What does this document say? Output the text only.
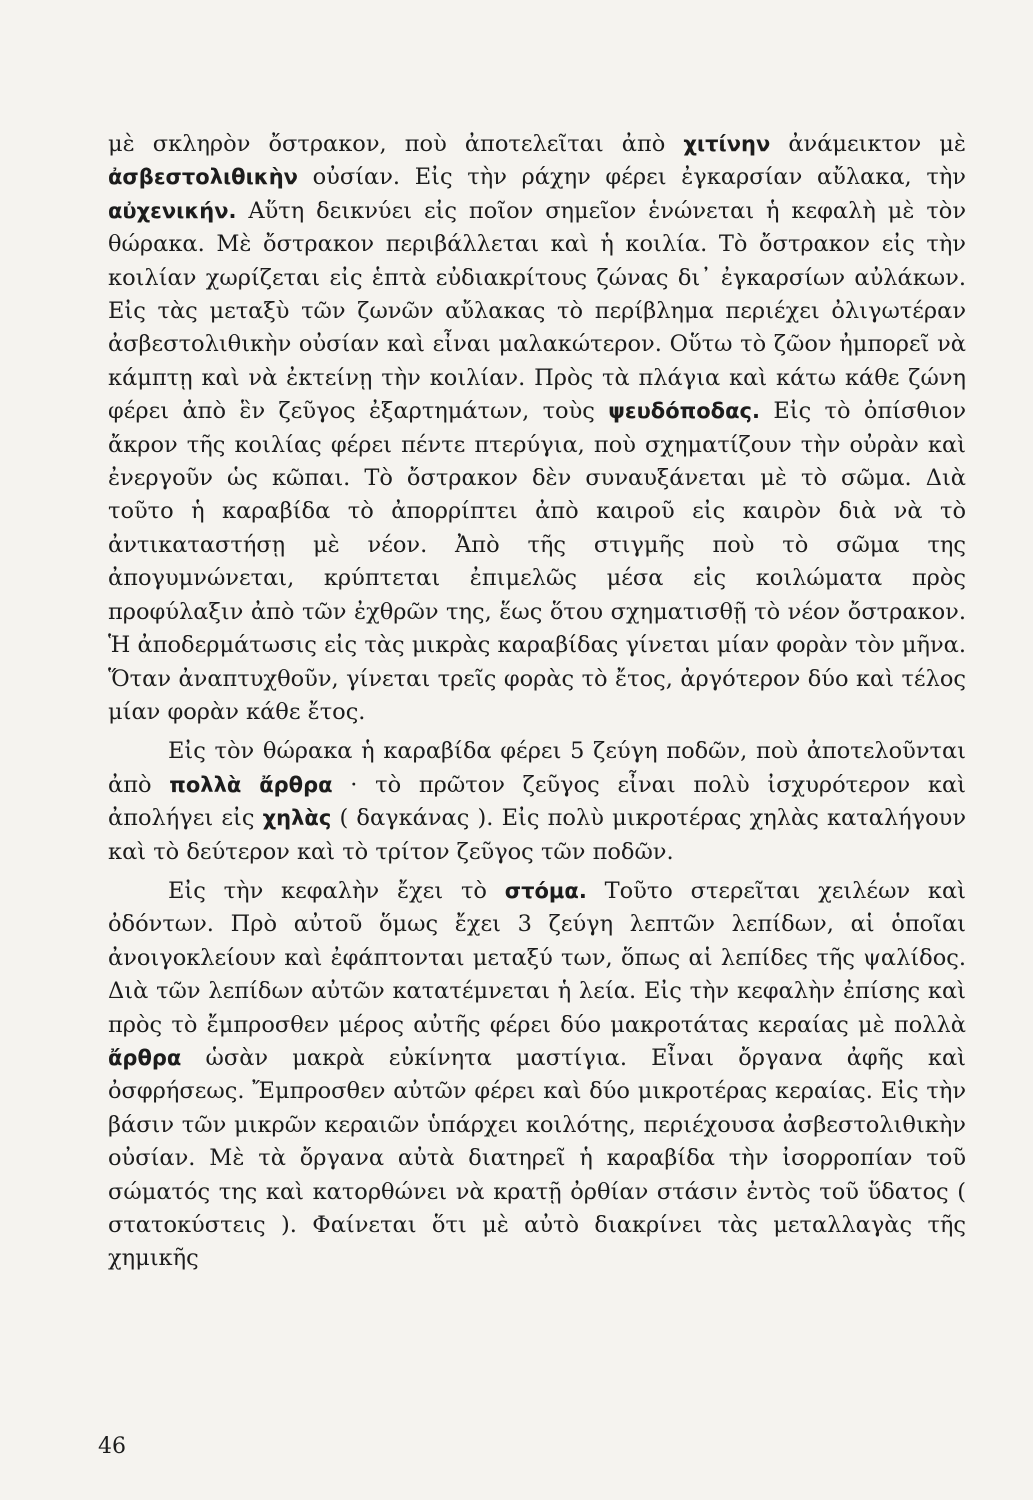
μὲ σκληρὸν ὄστρακον, ποὺ ἀποτελεῖται ἀπὸ χιτίνην ἀνάμεικτον μὲ ἀσβεστολιθικὴν οὐσίαν. Εἰς τὴν ράχην φέρει ἐγκαρσίαν αὔλακα, τὴν αὐχενικήν. Αὕτη δεικνύει εἰς ποῖον σημεῖον ἑνώνεται ἡ κεφαλὴ μὲ τὸν θώρακα. Μὲ ὄστρακον περιβάλλεται καὶ ἡ κοιλία. Τὸ ὄστρακον εἰς τὴν κοιλίαν χωρίζεται εἰς ἑπτὰ εὐδιακρίτους ζώνας δι᾿ ἐγκαρσίων αὐλάκων. Εἰς τὰς μεταξὺ τῶν ζωνῶν αὔλακας τὸ περίβλημα περιέχει ὀλιγωτέραν ἀσβεστολιθικὴν οὐσίαν καὶ εἶναι μαλακώτερον. Οὕτω τὸ ζῶον ἠμπορεῖ νὰ κάμπτῃ καὶ νὰ ἐκτείνῃ τὴν κοιλίαν. Πρὸς τὰ πλάγια καὶ κάτω κάθε ζώνη φέρει ἀπὸ ἓν ζεῦγος ἐξαρτημάτων, τοὺς ψευδόποδας. Εἰς τὸ ὀπίσθιον ἄκρον τῆς κοιλίας φέρει πέντε πτερύγια, ποὺ σχηματίζουν τὴν οὐρὰν καὶ ἐνεργοῦν ὡς κῶπαι. Τὸ ὄστρακον δὲν συναυξάνεται μὲ τὸ σῶμα. Διὰ τοῦτο ἡ καραβίδα τὸ ἀπορρίπτει ἀπὸ καιροῦ εἰς καιρὸν διὰ νὰ τὸ ἀντικαταστήσῃ μὲ νέον. Ἀπὸ τῆς στιγμῆς ποὺ τὸ σῶμα της ἀπογυμνώνεται, κρύπτεται ἐπιμελῶς μέσα εἰς κοιλώματα πρὸς προφύλαξιν ἀπὸ τῶν ἐχθρῶν της, ἕως ὅτου σχηματισθῇ τὸ νέον ὄστρακον. Ἡ ἀποδερμάτωσις εἰς τὰς μικρὰς καραβίδας γίνεται μίαν φορὰν τὸν μῆνα. Ὅταν ἀναπτυχθοῦν, γίνεται τρεῖς φορὰς τὸ ἔτος, ἀργότερον δύο καὶ τέλος μίαν φορὰν κάθε ἔτος.

Εἰς τὸν θώρακα ἡ καραβίδα φέρει 5 ζεύγη ποδῶν, ποὺ ἀποτελοῦνται ἀπὸ πολλὰ ἄρθρα · τὸ πρῶτον ζεῦγος εἶναι πολὺ ἰσχυρότερον καὶ ἀπολήγει εἰς χηλὰς ( δαγκάνας ). Εἰς πολὺ μικροτέρας χηλὰς καταλήγουν καὶ τὸ δεύτερον καὶ τὸ τρίτον ζεῦγος τῶν ποδῶν.

Εἰς τὴν κεφαλὴν ἔχει τὸ στόμα. Τοῦτο στερεῖται χειλέων καὶ ὀδόντων. Πρὸ αὐτοῦ ὅμως ἔχει 3 ζεύγη λεπτῶν λεπίδων, αἱ ὁποῖαι ἀνοιγοκλείουν καὶ ἐφάπτονται μεταξύ των, ὅπως αἱ λεπίδες τῆς ψαλίδος. Διὰ τῶν λεπίδων αὐτῶν κατατέμνεται ἡ λεία. Εἰς τὴν κεφαλὴν ἐπίσης καὶ πρὸς τὸ ἔμπροσθεν μέρος αὐτῆς φέρει δύο μακροτάτας κεραίας μὲ πολλὰ ἄρθρα ὡσὰν μακρὰ εὐκίνητα μαστίγια. Εἶναι ὄργανα ἀφῆς καὶ ὀσφρήσεως. Ἔμπροσθεν αὐτῶν φέρει καὶ δύο μικροτέρας κεραίας. Εἰς τὴν βάσιν τῶν μικρῶν κεραιῶν ὑπάρχει κοιλότης, περιέχουσα ἀσβεστολιθικὴν οὐσίαν. Μὲ τὰ ὄργανα αὐτὰ διατηρεῖ ἡ καραβίδα τὴν ἰσορροπίαν τοῦ σώματός της καὶ κατορθώνει νὰ κρατῇ ὀρθίαν στάσιν ἐντὸς τοῦ ὕδατος ( στατοκύστεις ). Φαίνεται ὅτι μὲ αὐτὸ διακρίνει τὰς μεταλλαγὰς τῆς χημικῆς

46
